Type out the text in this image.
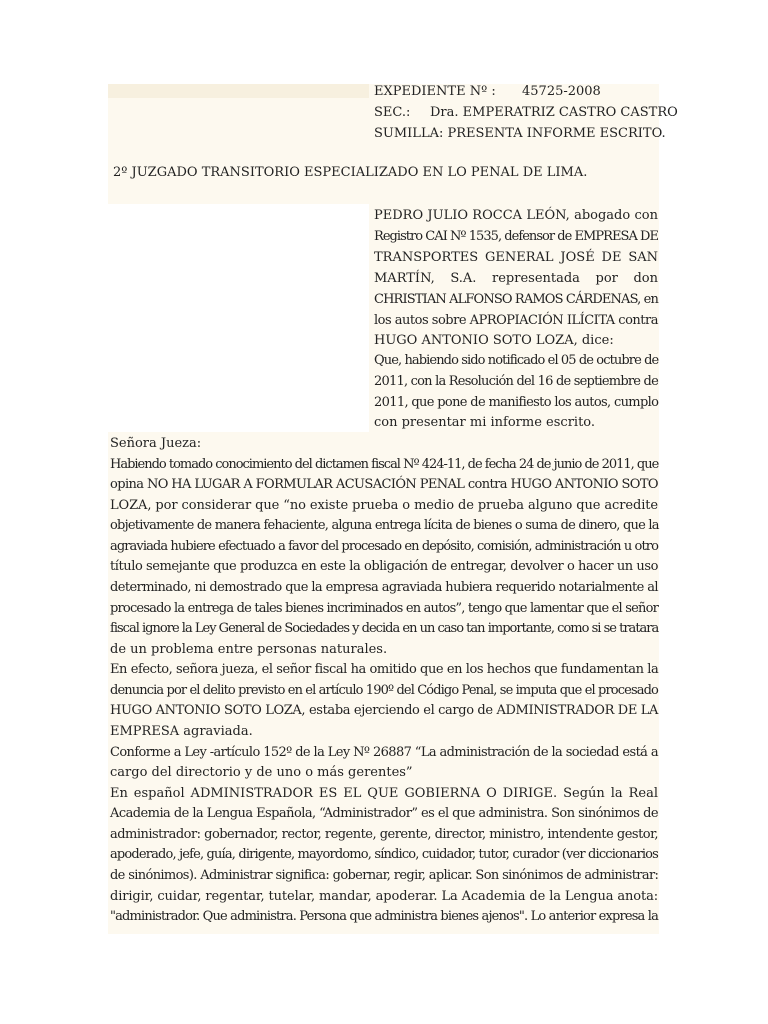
EXPEDIENTE Nº : 45725-2008
SEC.: Dra. EMPERATRIZ CASTRO CASTRO
SUMILLA: PRESENTA INFORME ESCRITO.
2º JUZGADO TRANSITORIO ESPECIALIZADO EN LO PENAL DE LIMA.
PEDRO JULIO ROCCA LEÓN, abogado con
Registro CAI Nº 1535, defensor de EMPRESA DE
TRANSPORTES GENERAL JOSÉ DE SAN
MARTÍN, S.A. representada por don
CHRISTIAN ALFONSO RAMOS CÁRDENAS, en
los autos sobre APROPIACIÓN ILÍCITA contra
HUGO ANTONIO SOTO LOZA, dice:
Que, habiendo sido notificado el 05 de octubre de
2011, con la Resolución del 16 de septiembre de
2011, que pone de manifiesto los autos, cumplo
con presentar mi informe escrito.
Señora Jueza:
Habiendo tomado conocimiento del dictamen fiscal Nº 424-11, de fecha 24 de junio de 2011, que
opina NO HA LUGAR A FORMULAR ACUSACIÓN PENAL contra HUGO ANTONIO SOTO
LOZA, por considerar que “no existe prueba o medio de prueba alguno que acredite
objetivamente de manera fehaciente, alguna entrega lícita de bienes o suma de dinero, que la
agraviada hubiere efectuado a favor del procesado en depósito, comisión, administración u otro
título semejante que produzca en este la obligación de entregar, devolver o hacer un uso
determinado, ni demostrado que la empresa agraviada hubiera requerido notarialmente al
procesado la entrega de tales bienes incriminados en autos”, tengo que lamentar que el señor
fiscal ignore la Ley General de Sociedades y decida en un caso tan importante, como si se tratara
de un problema entre personas naturales.
En efecto, señora jueza, el señor fiscal ha omitido que en los hechos que fundamentan la
denuncia por el delito previsto en el artículo 190º del Código Penal, se imputa que el procesado
HUGO ANTONIO SOTO LOZA, estaba ejerciendo el cargo de ADMINISTRADOR DE LA
EMPRESA agraviada.
Conforme a Ley -artículo 152º de la Ley Nº 26887 “La administración de la sociedad está a
cargo del directorio y de uno o más gerentes”
En español ADMINISTRADOR ES EL QUE GOBIERNA O DIRIGE. Según la Real
Academia de la Lengua Española, “Administrador” es el que administra. Son sinónimos de
administrador: gobernador, rector, regente, gerente, director, ministro, intendente gestor,
apoderado, jefe, guía, dirigente, mayordomo, síndico, cuidador, tutor, curador (ver diccionarios
de sinónimos). Administrar significa: gobernar, regir, aplicar. Son sinónimos de administrar:
dirigir, cuidar, regentar, tutelar, mandar, apoderar. La Academia de la Lengua anota:
"administrador. Que administra. Persona que administra bienes ajenos". Lo anterior expresa la
